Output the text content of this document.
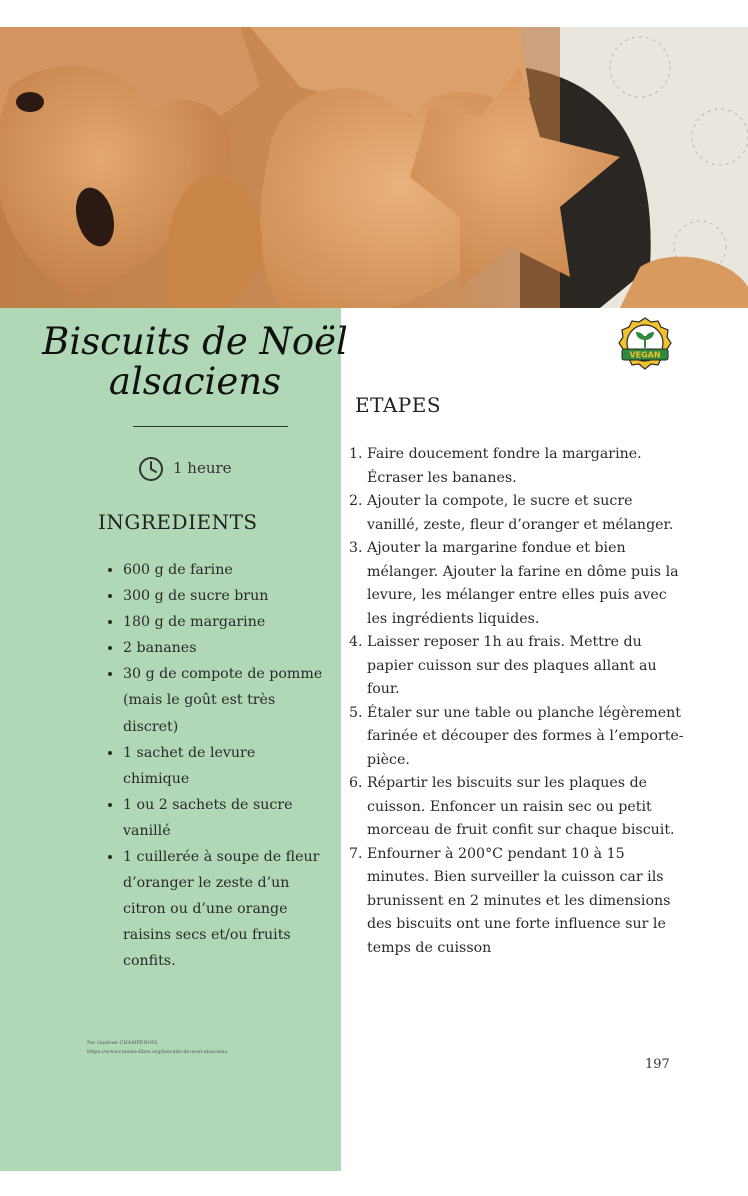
Biscuits de Noël
alsaciens
1 heure
INGREDIENTS
• 600 g de farine
• 300 g de sucre brun
• 180 g de margarine
• 2 bananes
• 30 g de compote de pomme (mais le goût est très discret)
• 1 sachet de levure chimique
• 1 ou 2 sachets de sucre vanillé
• 1 cuillerée à soupe de fleur d’oranger le zeste d’un citron ou d’une orange raisins secs et/ou fruits confits.
Par Gaulven CHAMPENOIS,
https://www.cuisine-libre.org/biscuits-de-noel-alsaciens
VEGAN
ETAPES
1. Faire doucement fondre la margarine. Écraser les bananes.
2. Ajouter la compote, le sucre et sucre vanillé, zeste, fleur d’oranger et mélanger.
3. Ajouter la margarine fondue et bien mélanger. Ajouter la farine en dôme puis la levure, les mélanger entre elles puis avec les ingrédients liquides.
4. Laisser reposer 1h au frais. Mettre du papier cuisson sur des plaques allant au four.
5. Étaler sur une table ou planche légèrement farinée et découper des formes à l’emporte-pièce.
6. Répartir les biscuits sur les plaques de cuisson. Enfoncer un raisin sec ou petit morceau de fruit confit sur chaque biscuit.
7. Enfourner à 200°C pendant 10 à 15 minutes. Bien surveiller la cuisson car ils brunissent en 2 minutes et les dimensions des biscuits ont une forte influence sur le temps de cuisson
197
